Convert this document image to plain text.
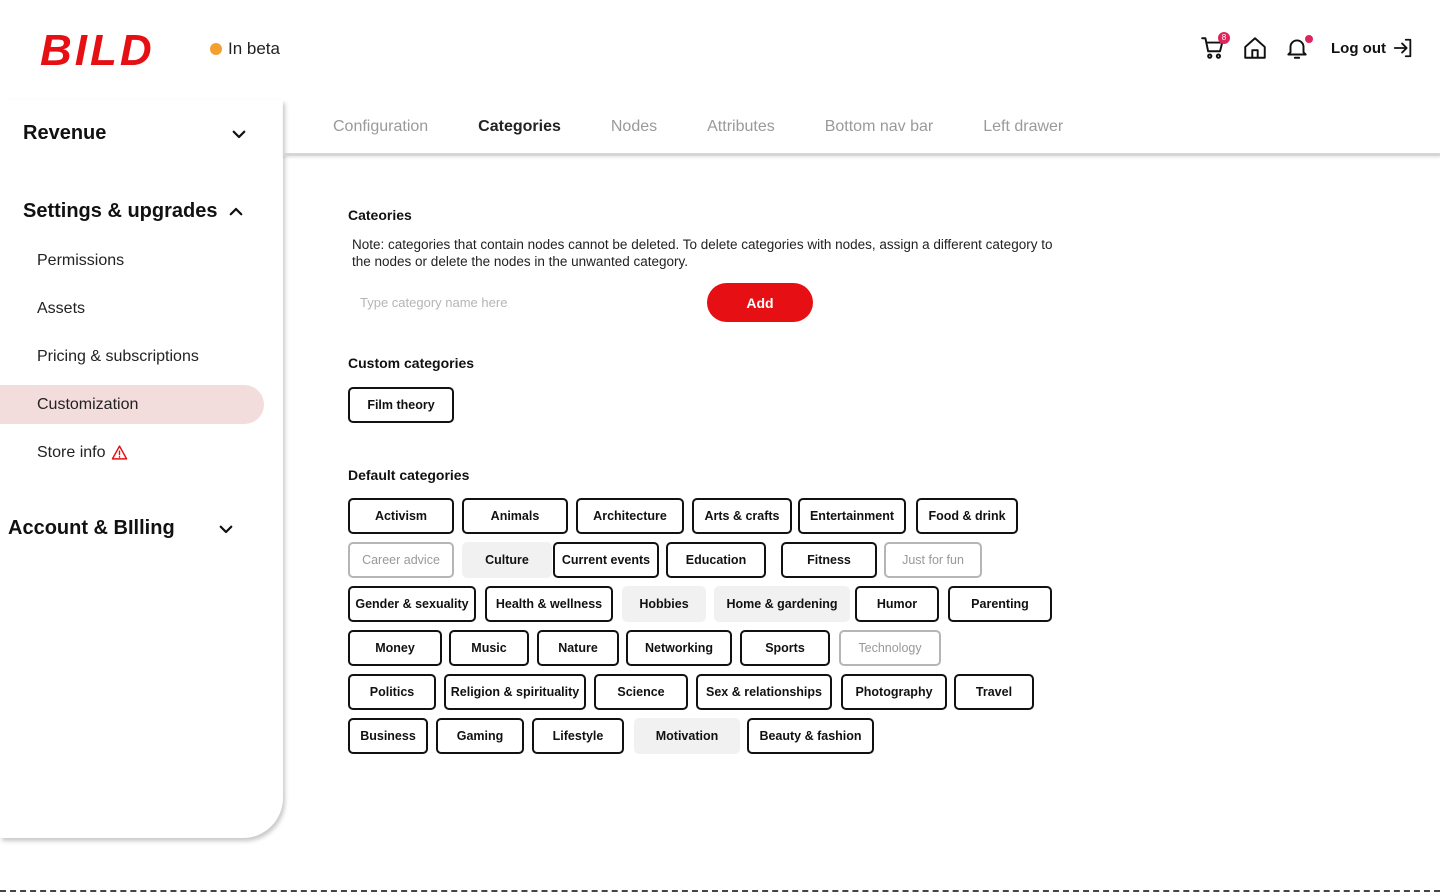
BILD	In beta
8
Log out
Revenue
Settings & upgrades
Permissions
Assets
Pricing & subscriptions
Customization
Store info
Account & BIlling
Configuration	Categories	Nodes	Attributes	Bottom nav bar	Left drawer
Cateories
Note: categories that contain nodes cannot be deleted. To delete categories with nodes, assign a different category to the nodes or delete the nodes in the unwanted category.
Type category name here
Add
Custom categories
Film theory
Default categories
Activism	Animals	Architecture	Arts & crafts	Entertainment	Food & drink
Career advice	Culture	Current events	Education	Fitness	Just for fun
Gender & sexuality	Health & wellness	Hobbies	Home & gardening	Humor	Parenting
Money	Music	Nature	Networking	Sports	Technology
Politics	Religion & spirituality	Science	Sex & relationships	Photography	Travel
Business	Gaming	Lifestyle	Motivation	Beauty & fashion
